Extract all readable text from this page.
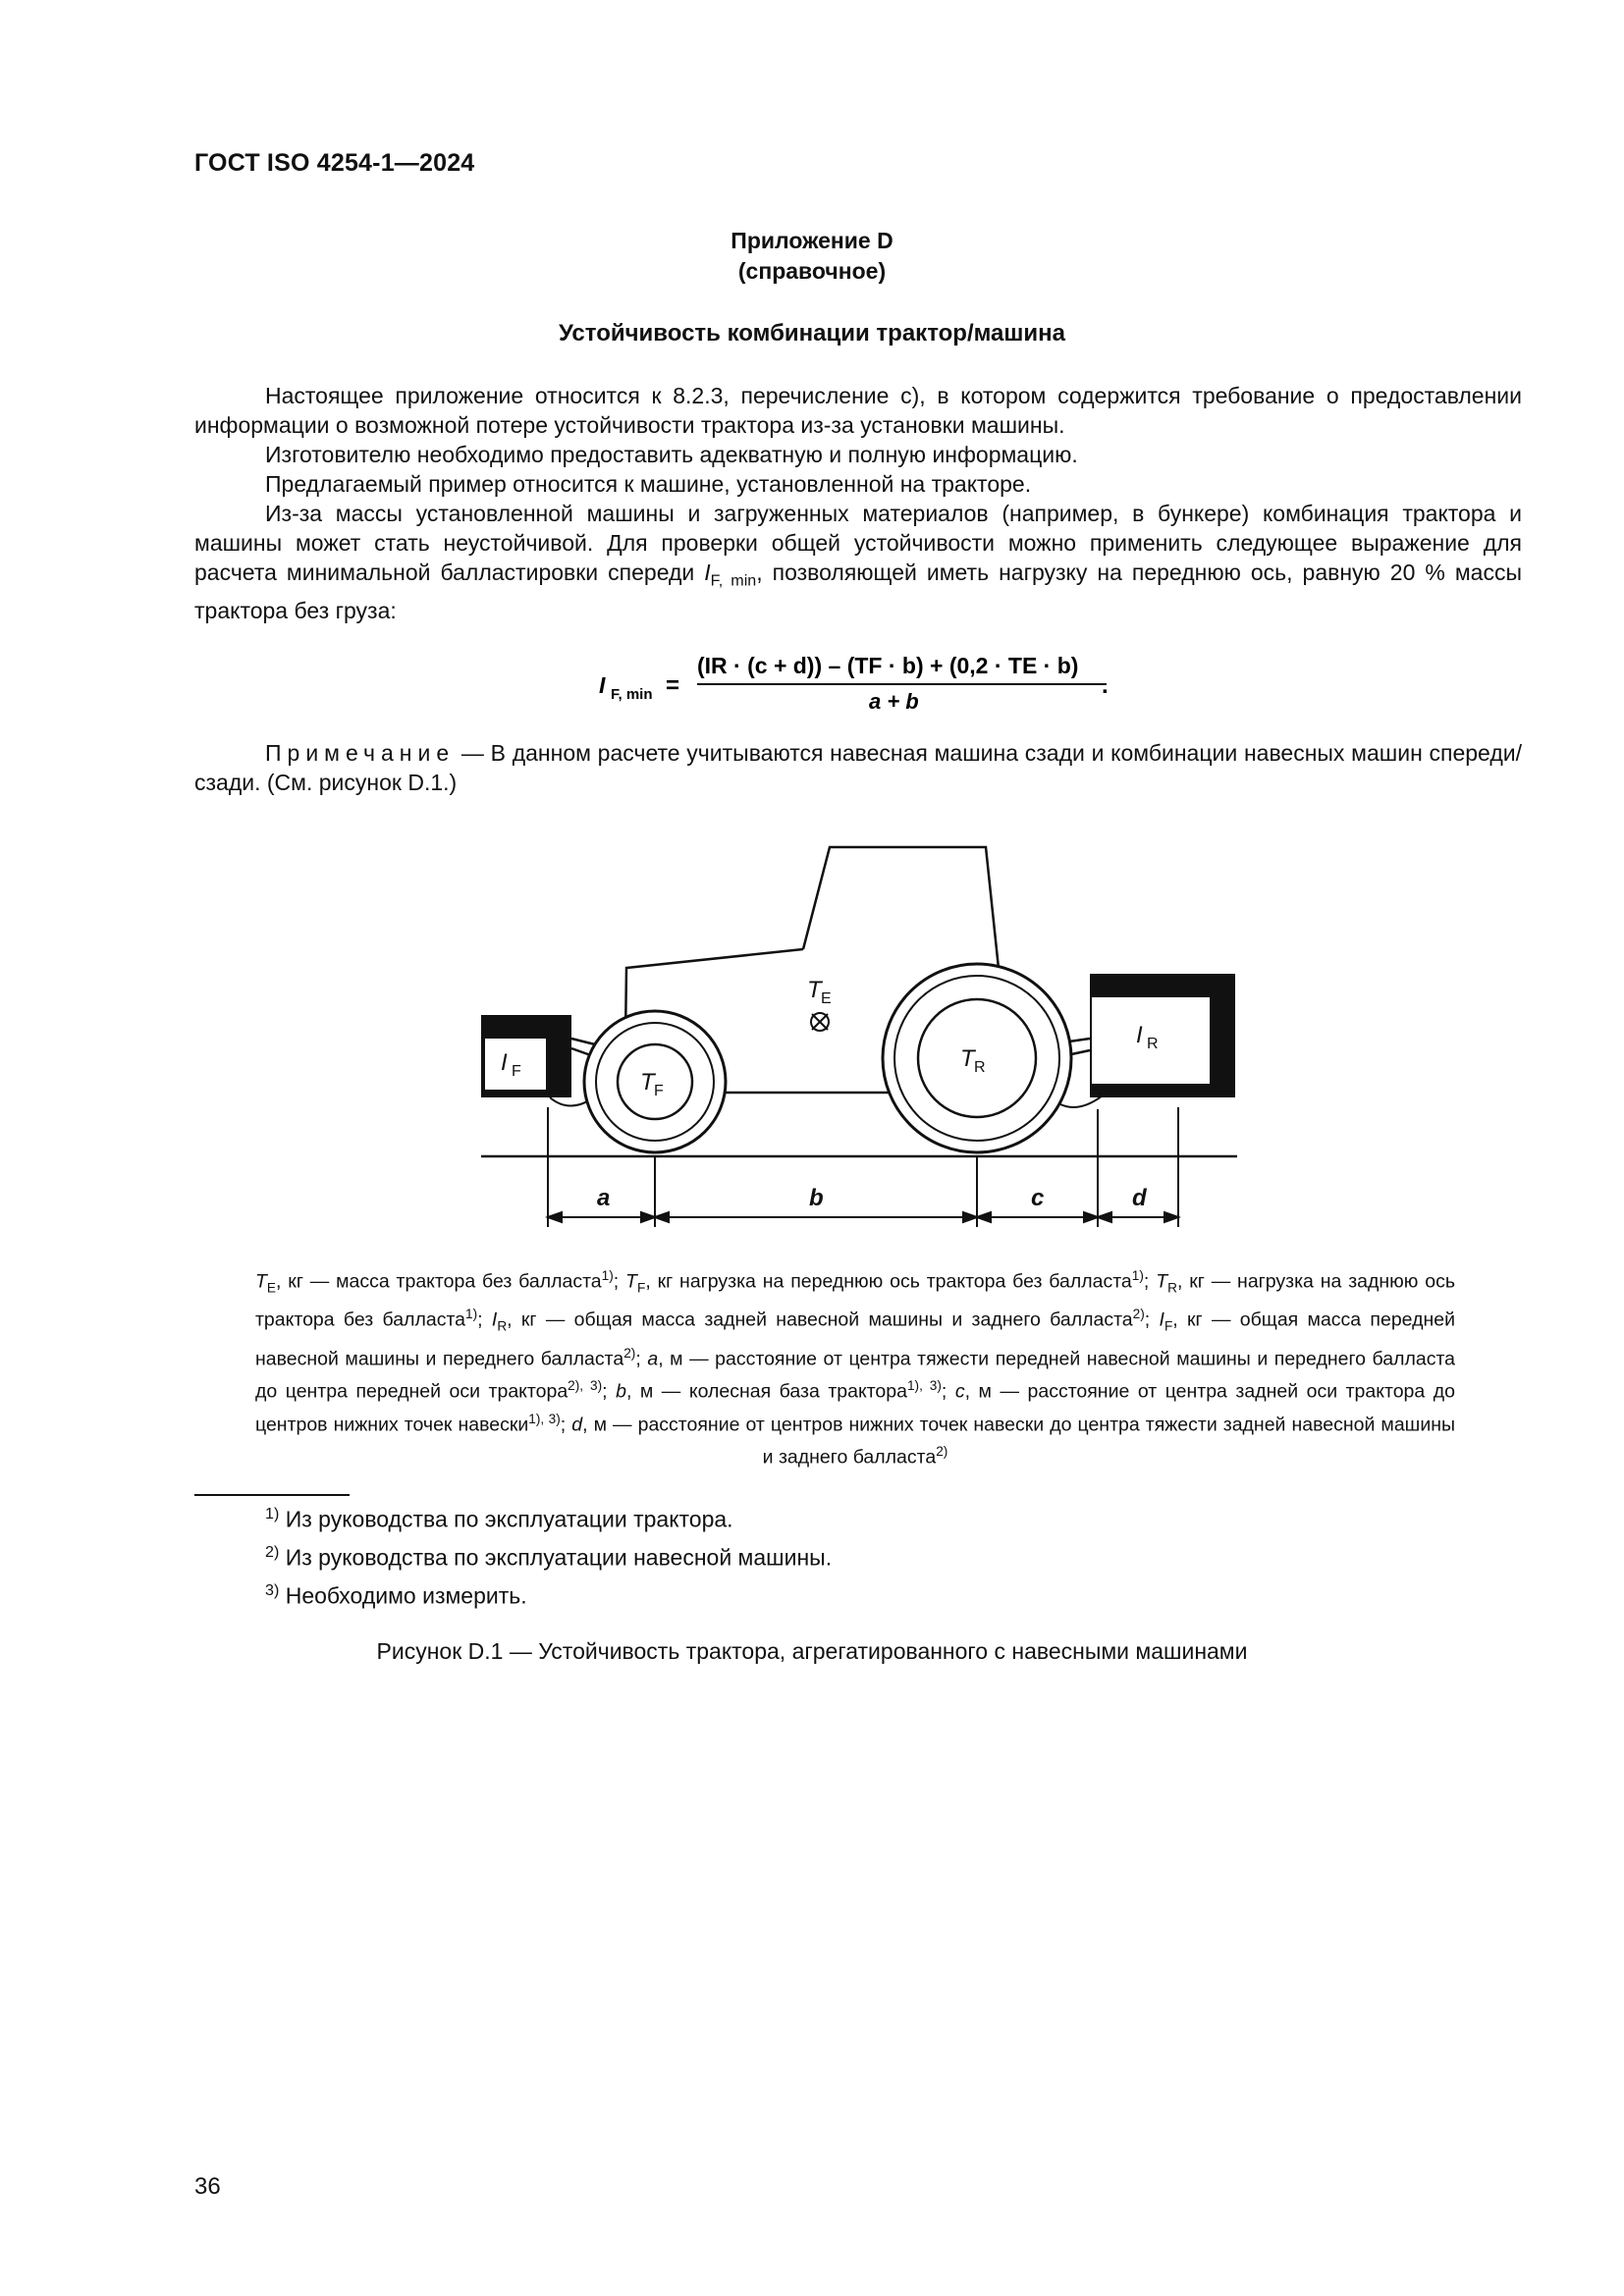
ГОСТ ISO 4254-1—2024
Приложение D
(справочное)
Устойчивость комбинации трактор/машина

Настоящее приложение относится к 8.2.3, перечисление с), в котором содержится требование о предоставлении информации о возможной потере устойчивости трактора из-за установки машины.

Изготовителю необходимо предоставить адекватную и полную информацию.

Предлагаемый пример относится к машине, установленной на тракторе.

Из-за массы установленной машины и загруженных материалов (например, в бункере) комбинация трактора и машины может стать неустойчивой. Для проверки общей устойчивости можно применить следующее выражение для расчета минимальной балластировки спереди $I_{F, min}$, позволяющей иметь нагрузку на переднюю ось, равную 20 % массы трактора без груза:

I F, min =
(IR · (c + d)) – (TF · b) + (0,2 · TE · b)
a + b
.

Примечание — В данном расчете учитываются навесная машина сзади и комбинации навесных машин спереди/сзади. (См. рисунок D.1.)

T E
T F
T R
I F
I R
a	b	c	d

$T_E$, кг — масса трактора без балласта$^{1)}$; $T_F$, кг нагрузка на переднюю ось трактора без балласта$^{1)}$; $T_R$, кг — нагрузка на заднюю ось трактора без балласта$^{1)}$; $I_R$, кг — общая масса задней навесной машины и заднего балласта$^{2)}$; $I_F$, кг — общая масса передней навесной машины и переднего балласта$^{2)}$; a, м — расстояние от центра тяжести передней навесной машины и переднего балласта до центра передней оси трактора$^{2), 3)}$; b, м — колесная база трактора$^{1), 3)}$; c, м — расстояние от центра задней оси трактора до центров нижних точек навески$^{1), 3)}$; d, м — расстояние от центров нижних точек навески до центра тяжести задней навесной машины и заднего балласта$^{2)}$

$^{1)}$ Из руководства по эксплуатации трактора.
$^{2)}$ Из руководства по эксплуатации навесной машины.
$^{3)}$ Необходимо измерить.
Рисунок D.1 — Устойчивость трактора, агрегатированного с навесными машинами
36
